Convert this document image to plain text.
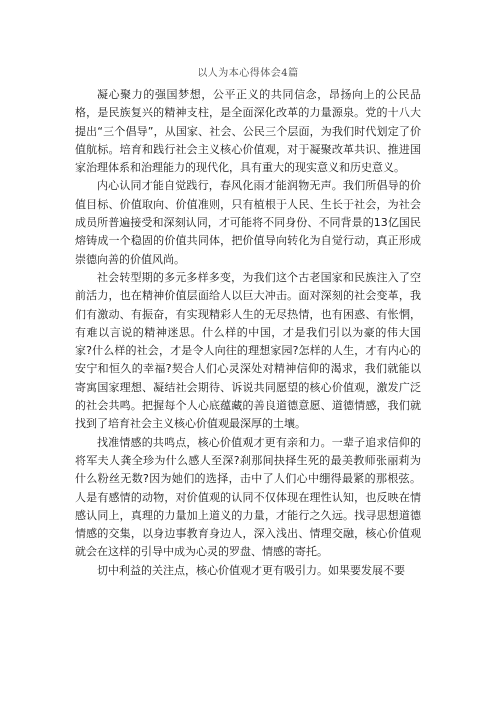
以人为本心得体会4篇

凝心聚力的强国梦想，公平正义的共同信念，昂扬向上的公民品格，是民族复兴的精神支柱，是全面深化改革的力量源泉。党的十八大提出“三个倡导”，从国家、社会、公民三个层面，为我们时代划定了价值航标。培育和践行社会主义核心价值观，对于凝聚改革共识、推进国家治理体系和治理能力的现代化，具有重大的现实意义和历史意义。

内心认同才能自觉践行，春风化雨才能润物无声。我们所倡导的价值目标、价值取向、价值准则，只有植根于人民、生长于社会，为社会成员所普遍接受和深刻认同，才可能将不同身份、不同背景的13亿国民熔铸成一个稳固的价值共同体，把价值导向转化为自觉行动，真正形成崇德向善的价值风尚。

社会转型期的多元多样多变，为我们这个古老国家和民族注入了空前活力，也在精神价值层面给人以巨大冲击。面对深刻的社会变革，我们有激动、有振奋，有实现精彩人生的无尽热情，也有困惑、有怅惘，有难以言说的精神迷思。什么样的中国，才是我们引以为豪的伟大国家?什么样的社会，才是令人向往的理想家园?怎样的人生，才有内心的安宁和恒久的幸福?契合人们心灵深处对精神信仰的渴求，我们就能以寄寓国家理想、凝结社会期待、诉说共同愿望的核心价值观，激发广泛的社会共鸣。把握每个人心底蕴藏的善良道德意愿、道德情感，我们就找到了培育社会主义核心价值观最深厚的土壤。

找准情感的共鸣点，核心价值观才更有亲和力。一辈子追求信仰的将军夫人龚全珍为什么感人至深?刹那间抉择生死的最美教师张丽莉为什么粉丝无数?因为她们的选择，击中了人们心中绷得最紧的那根弦。人是有感情的动物，对价值观的认同不仅体现在理性认知，也反映在情感认同上，真理的力量加上道义的力量，才能行之久远。找寻思想道德情感的交集，以身边事教育身边人，深入浅出、情理交融，核心价值观就会在这样的引导中成为心灵的罗盘、情感的寄托。

切中利益的关注点，核心价值观才更有吸引力。如果要发展不要
